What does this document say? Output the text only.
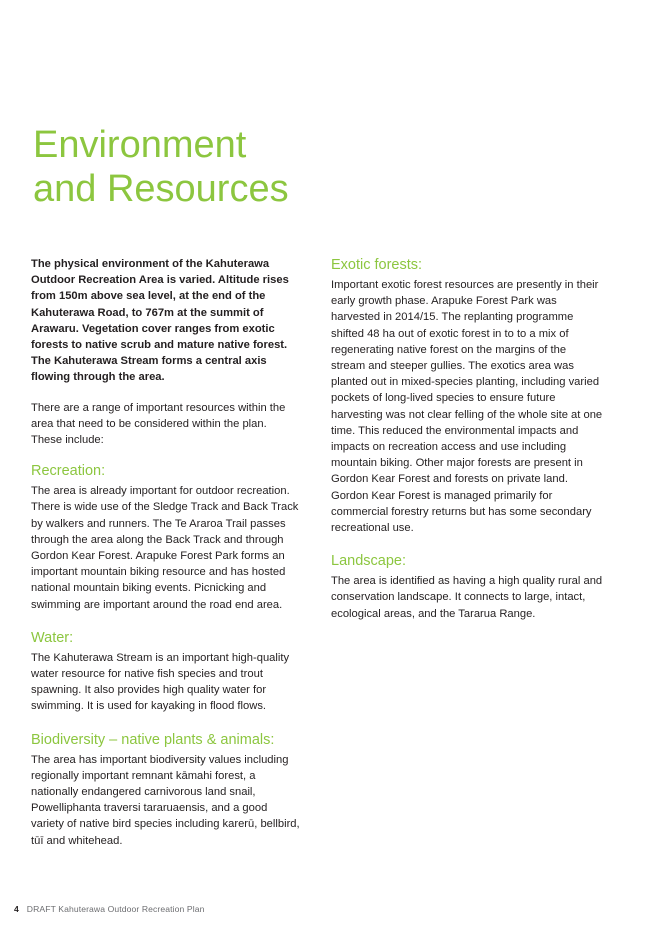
Environment
and Resources

The physical environment of the Kahuterawa Outdoor Recreation Area is varied. Altitude rises from 150m above sea level, at the end of the Kahuterawa Road, to 767m at the summit of Arawaru. Vegetation cover ranges from exotic forests to native scrub and mature native forest. The Kahuterawa Stream forms a central axis flowing through the area.

There are a range of important resources within the area that need to be considered within the plan. These include:

Recreation:

The area is already important for outdoor recreation. There is wide use of the Sledge Track and Back Track by walkers and runners. The Te Araroa Trail passes through the area along the Back Track and through Gordon Kear Forest. Arapuke Forest Park forms an important mountain biking resource and has hosted national mountain biking events. Picnicking and swimming are important around the road end area.

Water:

The Kahuterawa Stream is an important high-quality water resource for native fish species and trout spawning. It also provides high quality water for swimming. It is used for kayaking in flood flows.

Biodiversity – native plants & animals:

The area has important biodiversity values including regionally important remnant kāmahi forest, a nationally endangered carnivorous land snail, Powelliphanta traversi tararuaensis, and a good variety of native bird species including karerū, bellbird, tūī and whitehead.

Exotic forests:

Important exotic forest resources are presently in their early growth phase. Arapuke Forest Park was harvested in 2014/15. The replanting programme shifted 48 ha out of exotic forest in to to a mix of regenerating native forest on the margins of the stream and steeper gullies. The exotics area was planted out in mixed-species planting, including varied pockets of long-lived species to ensure future harvesting was not clear felling of the whole site at one time. This reduced the environmental impacts and impacts on recreation access and use including mountain biking. Other major forests are present in Gordon Kear Forest and forests on private land. Gordon Kear Forest is managed primarily for commercial forestry returns but has some secondary recreational use.

Landscape:

The area is identified as having a high quality rural and conservation landscape. It connects to large, intact, ecological areas, and the Tararua Range.

4 DRAFT Kahuterawa Outdoor Recreation Plan
